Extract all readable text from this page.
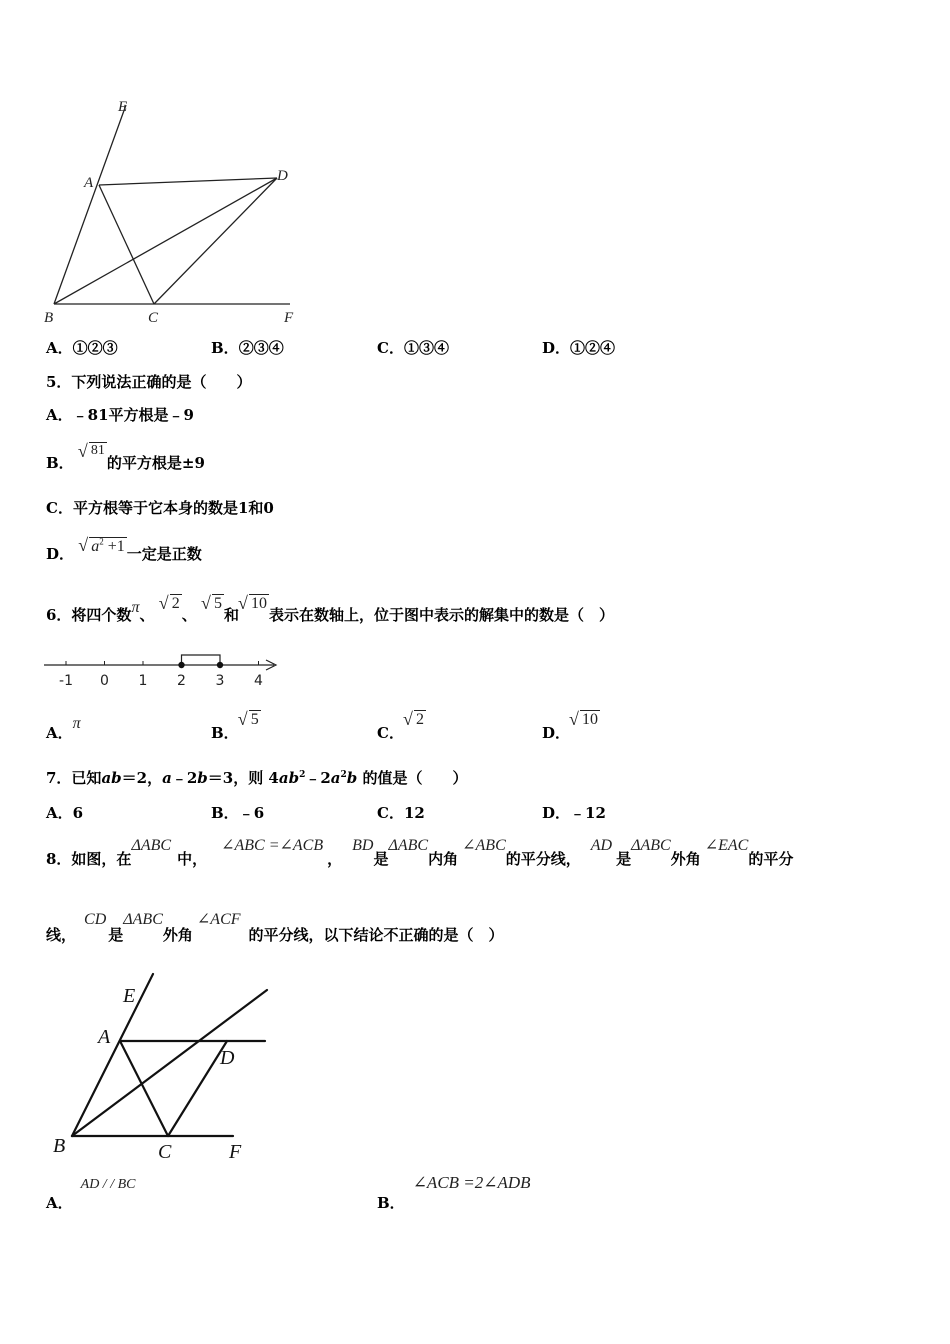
E
A	D
B	C	F
A．①②③	B．②③④	C．①③④	D．①②④
5．下列说法正确的是（　　）
A．﹣81平方根是﹣9
B． √ 81的平方根是±9
C．平方根等于它本身的数是1和0
D． √ $a^2 +1$ 一定是正数
6．将四个数π、 √ 2、 √ 5和√ 10表示在数轴上，位于图中表示的解集中的数是（　）
-1 0 1 2 3 4
A．π
B．√ 5
C．√ 2
D．√ 10
7．已知ab＝2，a﹣2b＝3，则 $4ab^2﹣2a^2b$ 的值是（　　）
A．6	B．﹣6	C．12	D．﹣12
8．如图，在ΔABC中，∠ABC =∠ACB，BD是ΔABC内角∠ABC的平分线，AD是ΔABC外角∠EAC的平分
线，CD是ΔABC外角∠ACF的平分线，以下结论不正确的是（　）
E
A
D
B	C	F
A．AD / / BC
B．∠ACB =2∠ADB
